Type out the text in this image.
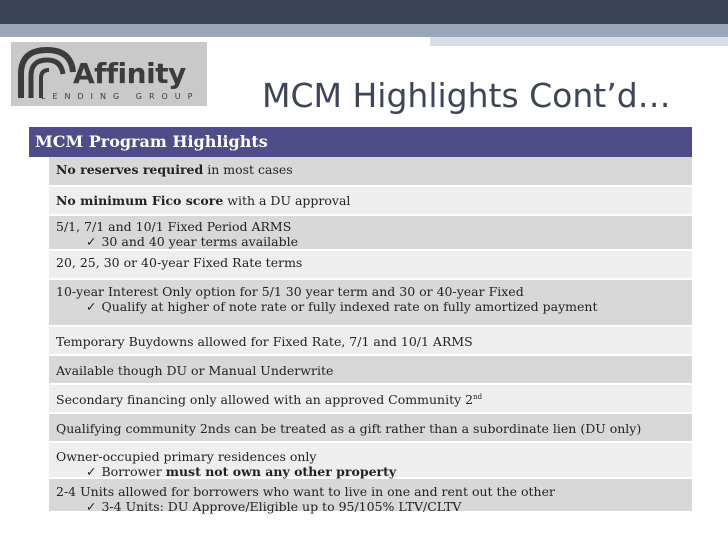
Affinity
LENDING GROUP MCM Highlights Cont’d…
MCM Program Highlights
No reserves required in most cases
No minimum Fico score with a DU approval
5/1, 7/1 and 10/1 Fixed Period ARMS
✓ 30 and 40 year terms available
20, 25, 30 or 40-year Fixed Rate terms
10-year Interest Only option for 5/1 30 year term and 30 or 40-year Fixed
✓ Qualify at higher of note rate or fully indexed rate on fully amortized payment
Temporary Buydowns allowed for Fixed Rate, 7/1 and 10/1 ARMS
Available though DU or Manual Underwrite
Secondary financing only allowed with an approved Community 2nd
Qualifying community 2nds can be treated as a gift rather than a subordinate lien (DU only)
Owner-occupied primary residences only
✓ Borrower must not own any other property
2-4 Units allowed for borrowers who want to live in one and rent out the other
✓ 3-4 Units: DU Approve/Eligible up to 95/105% LTV/CLTV
